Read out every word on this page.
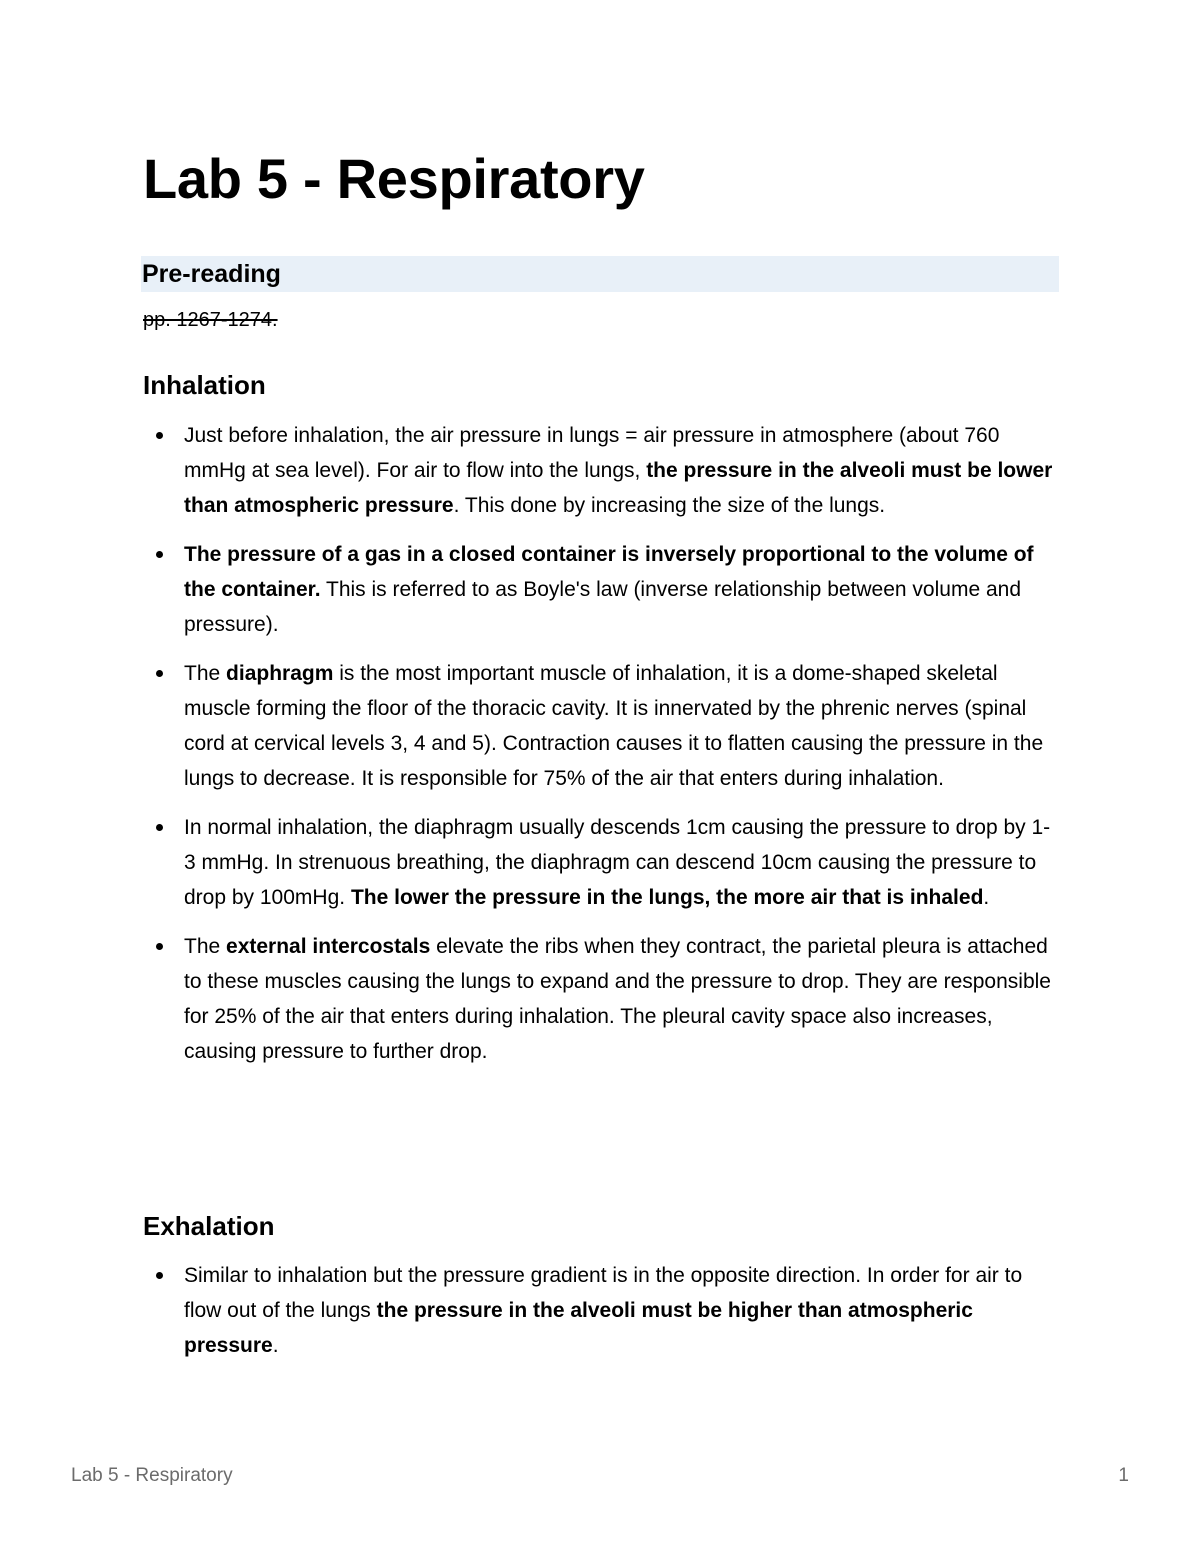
Lab 5 - Respiratory
Pre-reading

pp. 1267-1274.

Inhalation
Just before inhalation, the air pressure in lungs = air pressure in atmosphere (about 760 mmHg at sea level). For air to flow into the lungs, the pressure in the alveoli must be lower than atmospheric pressure. This done by increasing the size of the lungs.
The pressure of a gas in a closed container is inversely proportional to the volume of the container. This is referred to as Boyle's law (inverse relationship between volume and pressure).
The diaphragm is the most important muscle of inhalation, it is a dome-shaped skeletal muscle forming the floor of the thoracic cavity. It is innervated by the phrenic nerves (spinal cord at cervical levels 3, 4 and 5). Contraction causes it to flatten causing the pressure in the lungs to decrease. It is responsible for 75% of the air that enters during inhalation.
In normal inhalation, the diaphragm usually descends 1cm causing the pressure to drop by 1-3 mmHg. In strenuous breathing, the diaphragm can descend 10cm causing the pressure to drop by 100mHg. The lower the pressure in the lungs, the more air that is inhaled.
The external intercostals elevate the ribs when they contract, the parietal pleura is attached to these muscles causing the lungs to expand and the pressure to drop. They are responsible for 25% of the air that enters during inhalation. The pleural cavity space also increases, causing pressure to further drop.
Exhalation
Similar to inhalation but the pressure gradient is in the opposite direction. In order for air to flow out of the lungs the pressure in the alveoli must be higher than atmospheric pressure.
Lab 5 - Respiratory	1
